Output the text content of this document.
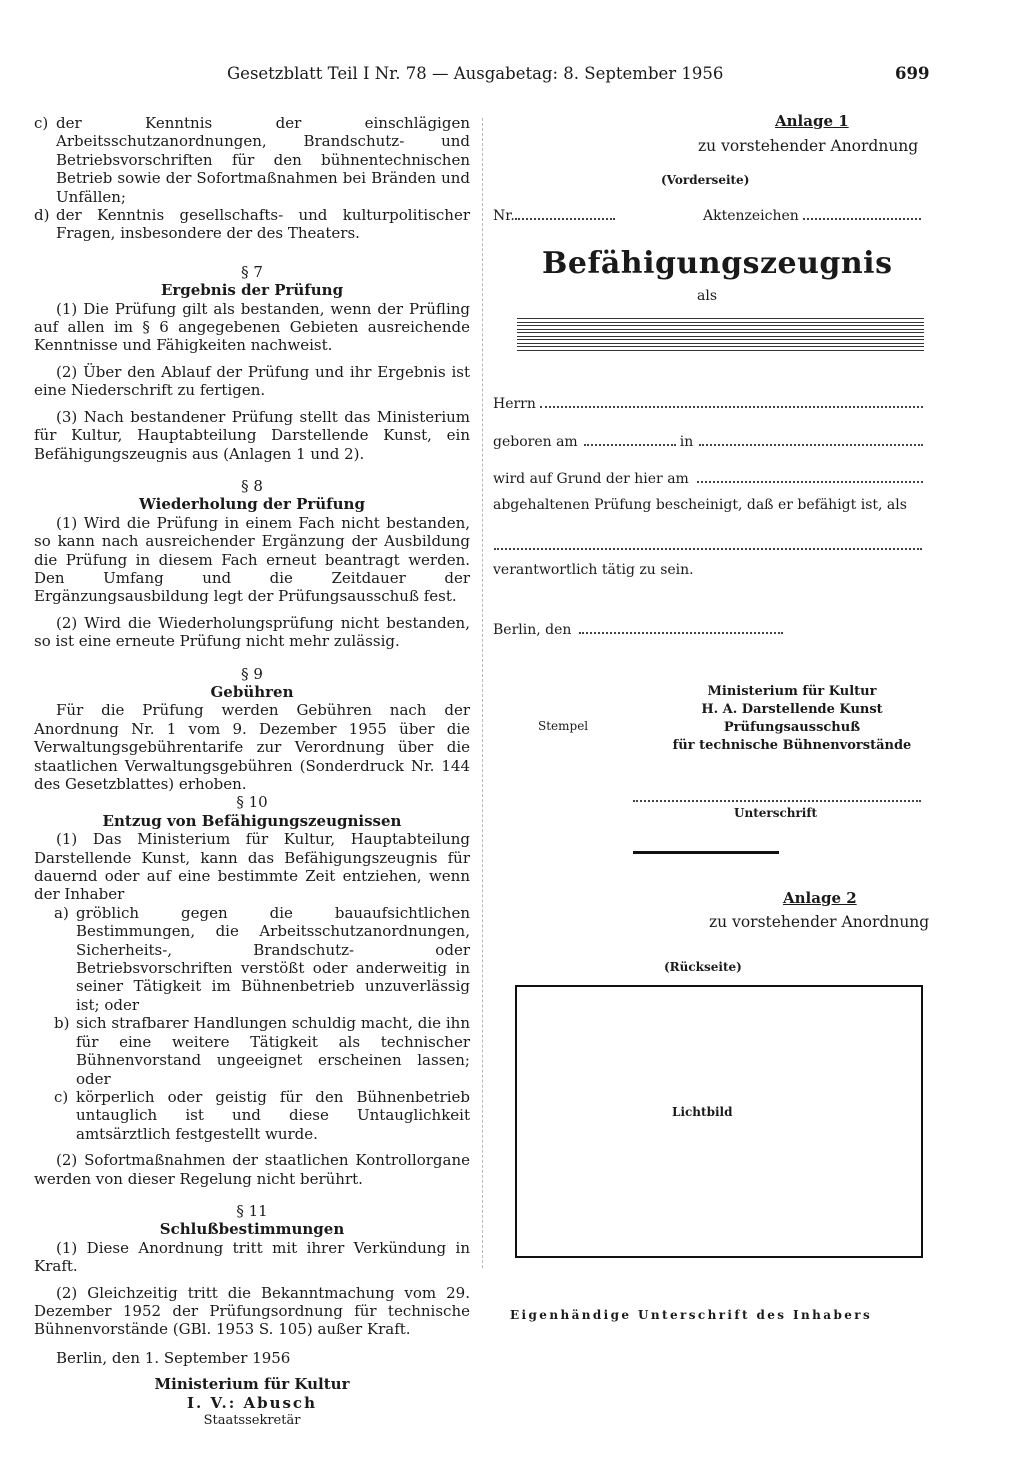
Gesetzblatt Teil I Nr. 78 — Ausgabetag: 8. September 1956	699
c) der Kenntnis der einschlägigen Arbeitsschutzanordnungen, Brandschutz- und Betriebsvorschriften für den bühnentechnischen Betrieb sowie der Sofortmaßnahmen bei Bränden und Unfällen;
d) der Kenntnis gesellschafts- und kulturpolitischer Fragen, insbesondere der des Theaters.

§ 7

Ergebnis der Prüfung

(1) Die Prüfung gilt als bestanden, wenn der Prüfling auf allen im § 6 angegebenen Gebieten ausreichende Kenntnisse und Fähigkeiten nachweist.

(2) Über den Ablauf der Prüfung und ihr Ergebnis ist eine Niederschrift zu fertigen.

(3) Nach bestandener Prüfung stellt das Ministerium für Kultur, Hauptabteilung Darstellende Kunst, ein Befähigungszeugnis aus (Anlagen 1 und 2).

§ 8

Wiederholung der Prüfung

(1) Wird die Prüfung in einem Fach nicht bestanden, so kann nach ausreichender Ergänzung der Ausbildung die Prüfung in diesem Fach erneut beantragt werden. Den Umfang und die Zeitdauer der Ergänzungsausbildung legt der Prüfungsausschuß fest.

(2) Wird die Wiederholungsprüfung nicht bestanden, so ist eine erneute Prüfung nicht mehr zulässig.

§ 9

Gebühren

Für die Prüfung werden Gebühren nach der Anordnung Nr. 1 vom 9. Dezember 1955 über die Verwaltungsgebührentarife zur Verordnung über die staatlichen Verwaltungsgebühren (Sonderdruck Nr. 144 des Gesetzblattes) erhoben.

§ 10

Entzug von Befähigungszeugnissen

(1) Das Ministerium für Kultur, Hauptabteilung Darstellende Kunst, kann das Befähigungszeugnis für dauernd oder auf eine bestimmte Zeit entziehen, wenn der Inhaber

a) gröblich gegen die bauaufsichtlichen Bestimmungen, die Arbeitsschutzanordnungen, Sicherheits-, Brandschutz- oder Betriebsvorschriften verstößt oder anderweitig in seiner Tätigkeit im Bühnenbetrieb unzuverlässig ist; oder
b) sich strafbarer Handlungen schuldig macht, die ihn für eine weitere Tätigkeit als technischer Bühnenvorstand ungeeignet erscheinen lassen; oder
c) körperlich oder geistig für den Bühnenbetrieb untauglich ist und diese Untauglichkeit amtsärztlich festgestellt wurde.

(2) Sofortmaßnahmen der staatlichen Kontrollorgane werden von dieser Regelung nicht berührt.

§ 11

Schlußbestimmungen

(1) Diese Anordnung tritt mit ihrer Verkündung in Kraft.

(2) Gleichzeitig tritt die Bekanntmachung vom 29. Dezember 1952 der Prüfungsordnung für technische Bühnenvorstände (GBl. 1953 S. 105) außer Kraft.

Berlin, den 1. September 1956

Ministerium für Kultur

I. V.: Abusch

Staatssekretär

Anlage 1
zu vorstehender Anordnung
(Vorderseite)
Nr.	Aktenzeichen
Befähigungszeugnis
als
Herrn
geboren am	in
wird auf Grund der hier am
abgehaltenen Prüfung bescheinigt, daß er befähigt ist, als
verantwortlich tätig zu sein.
Berlin, den
Stempel
Ministerium für Kultur
H. A. Darstellende Kunst
Prüfungsausschuß
für technische Bühnenvorstände
Unterschrift
Anlage 2
zu vorstehender Anordnung
(Rückseite)
Lichtbild
Eigenhändige Unterschrift des Inhabers
